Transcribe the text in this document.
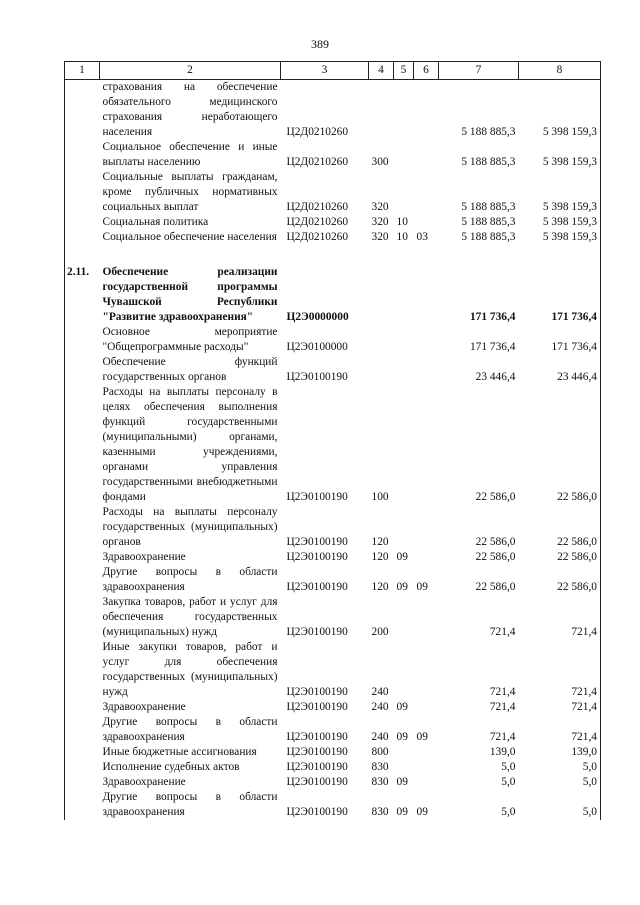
389
1	2	3	4	5	6	7	8
	страхования на обеспечение обязательного медицинского страхования неработающего населения	Ц2Д0210260				5 188 885,3	5 398 159,3
	Социальное обеспечение и иные выплаты населению	Ц2Д0210260	300			5 188 885,3	5 398 159,3
	Социальные выплаты гражданам, кроме публичных нормативных социальных выплат	Ц2Д0210260	320			5 188 885,3	5 398 159,3
	Социальная политика	Ц2Д0210260	320	10		5 188 885,3	5 398 159,3
	Социальное обеспечение населения	Ц2Д0210260	320	10	03	5 188 885,3	5 398 159,3

2.11.	Обеспечение реализации государственной программы Чувашской Республики "Развитие здравоохранения"	Ц2Э0000000				171 736,4	171 736,4
	Основное мероприятие "Общепрограммные расходы"	Ц2Э0100000				171 736,4	171 736,4
	Обеспечение функций государственных органов	Ц2Э0100190				23 446,4	23 446,4
	Расходы на выплаты персоналу в целях обеспечения выполнения функций государственными (муниципальными) органами, казенными учреждениями, органами управления государственными внебюджетными фондами	Ц2Э0100190	100			22 586,0	22 586,0
	Расходы на выплаты персоналу государственных (муниципальных) органов	Ц2Э0100190	120			22 586,0	22 586,0
	Здравоохранение	Ц2Э0100190	120	09		22 586,0	22 586,0
	Другие вопросы в области здравоохранения	Ц2Э0100190	120	09	09	22 586,0	22 586,0
	Закупка товаров, работ и услуг для обеспечения государственных (муниципальных) нужд	Ц2Э0100190	200			721,4	721,4
	Иные закупки товаров, работ и услуг для обеспечения государственных (муниципальных) нужд	Ц2Э0100190	240			721,4	721,4
	Здравоохранение	Ц2Э0100190	240	09		721,4	721,4
	Другие вопросы в области здравоохранения	Ц2Э0100190	240	09	09	721,4	721,4
	Иные бюджетные ассигнования	Ц2Э0100190	800			139,0	139,0
	Исполнение судебных актов	Ц2Э0100190	830			5,0	5,0
	Здравоохранение	Ц2Э0100190	830	09		5,0	5,0
	Другие вопросы в области здравоохранения	Ц2Э0100190	830	09	09	5,0	5,0
